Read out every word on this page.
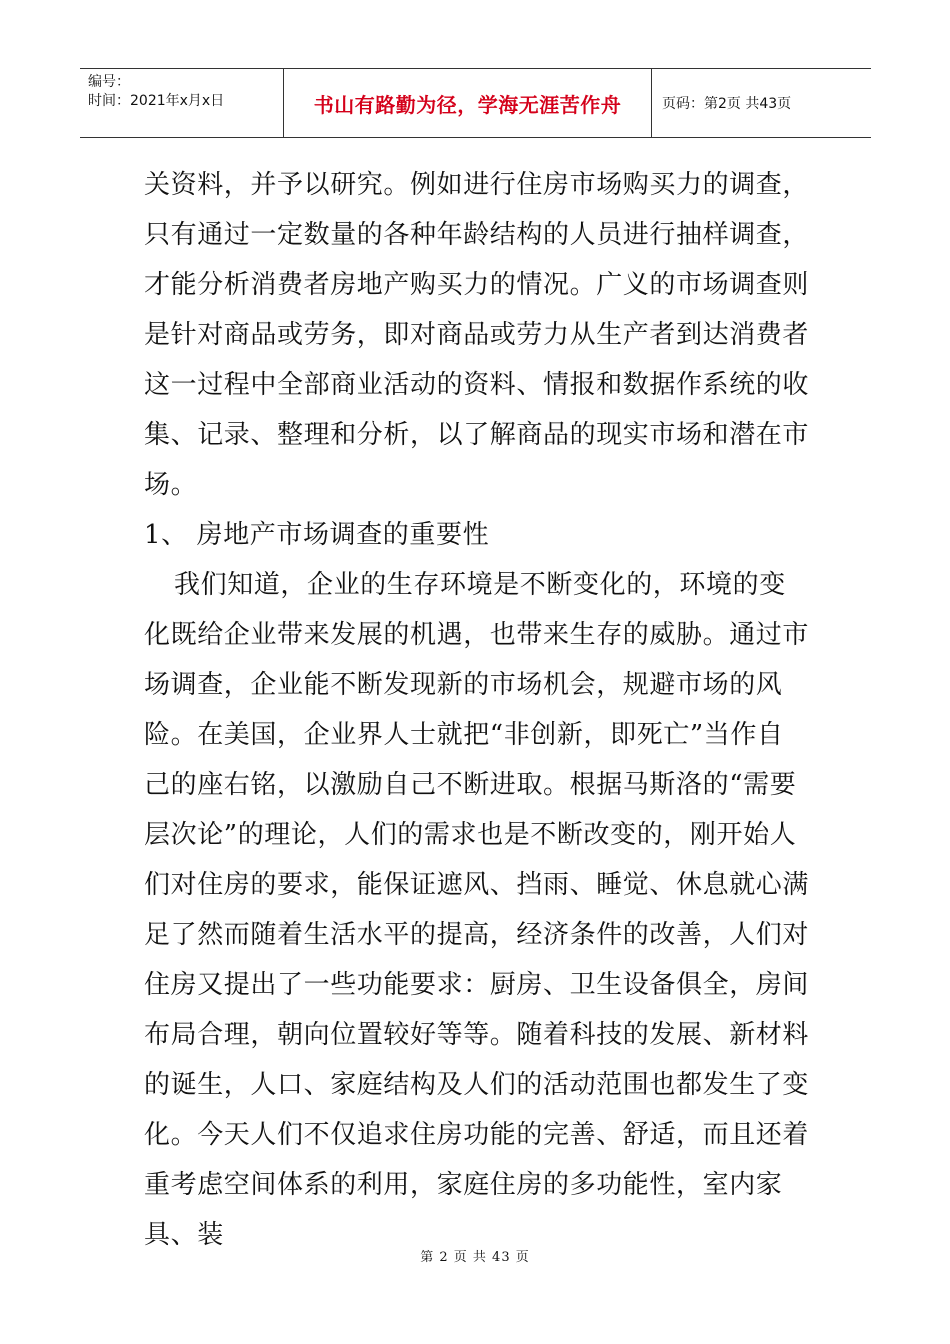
编号：
时间：2021年x月x日	书山有路勤为径，学海无涯苦作舟	页码：第2页 共43页

关资料，并予以研究。例如进行住房市场购买力的调查，只有通过一定数量的各种年龄结构的人员进行抽样调查，才能分析消费者房地产购买力的情况。广义的市场调查则是针对商品或劳务，即对商品或劳力从生产者到达消费者这一过程中全部商业活动的资料、情报和数据作系统的收集、记录、整理和分析，以了解商品的现实市场和潜在市场。

1、 房地产市场调查的重要性

我们知道，企业的生存环境是不断变化的，环境的变化既给企业带来发展的机遇，也带来生存的威胁。通过市场调查，企业能不断发现新的市场机会，规避市场的风险。在美国，企业界人士就把“非创新，即死亡”当作自己的座右铭，以激励自己不断进取。根据马斯洛的“需要层次论”的理论，人们的需求也是不断改变的，刚开始人们对住房的要求，能保证遮风、挡雨、睡觉、休息就心满足了然而随着生活水平的提高，经济条件的改善，人们对住房又提出了一些功能要求：厨房、卫生设备俱全，房间布局合理，朝向位置较好等等。随着科技的发展、新材料的诞生，人口、家庭结构及人们的活动范围也都发生了变化。今天人们不仅追求住房功能的完善、舒适，而且还着重考虑空间体系的利用，家庭住房的多功能性，室内家具、装

第 2 页 共 43 页
